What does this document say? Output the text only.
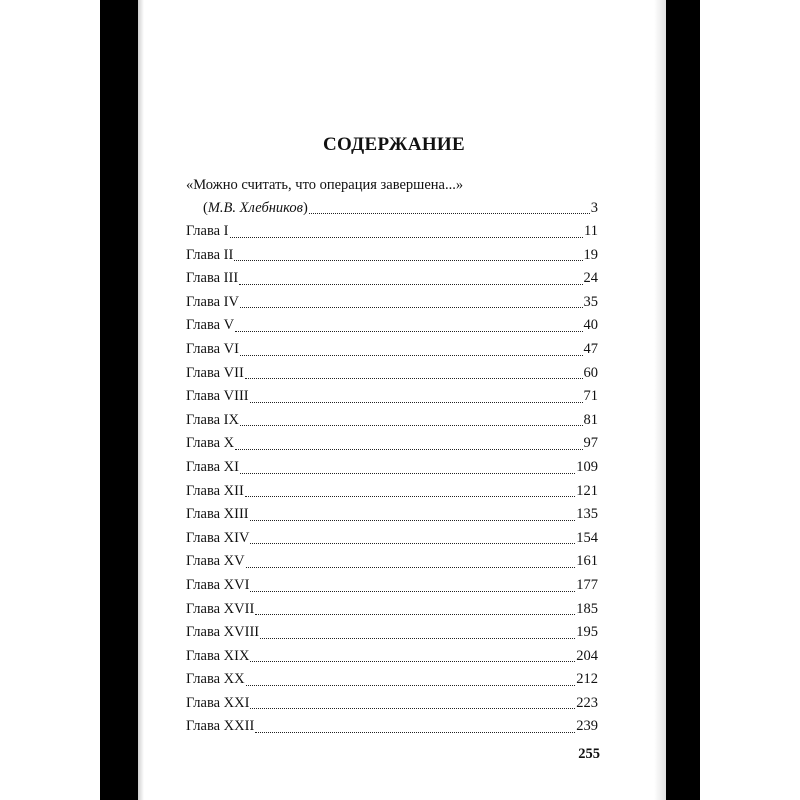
СОДЕРЖАНИЕ
«Можно считать, что операция завершена...»
(М.В. Хлебников)	3
Глава I	11
Глава II	19
Глава III	24
Глава IV	35
Глава V	40
Глава VI	47
Глава VII	60
Глава VIII	71
Глава IX	81
Глава X	97
Глава XI	109
Глава XII	121
Глава XIII	135
Глава XIV	154
Глава XV	161
Глава XVI	177
Глава XVII	185
Глава XVIII	195
Глава XIX	204
Глава XX	212
Глава XXI	223
Глава XXII	239
255
